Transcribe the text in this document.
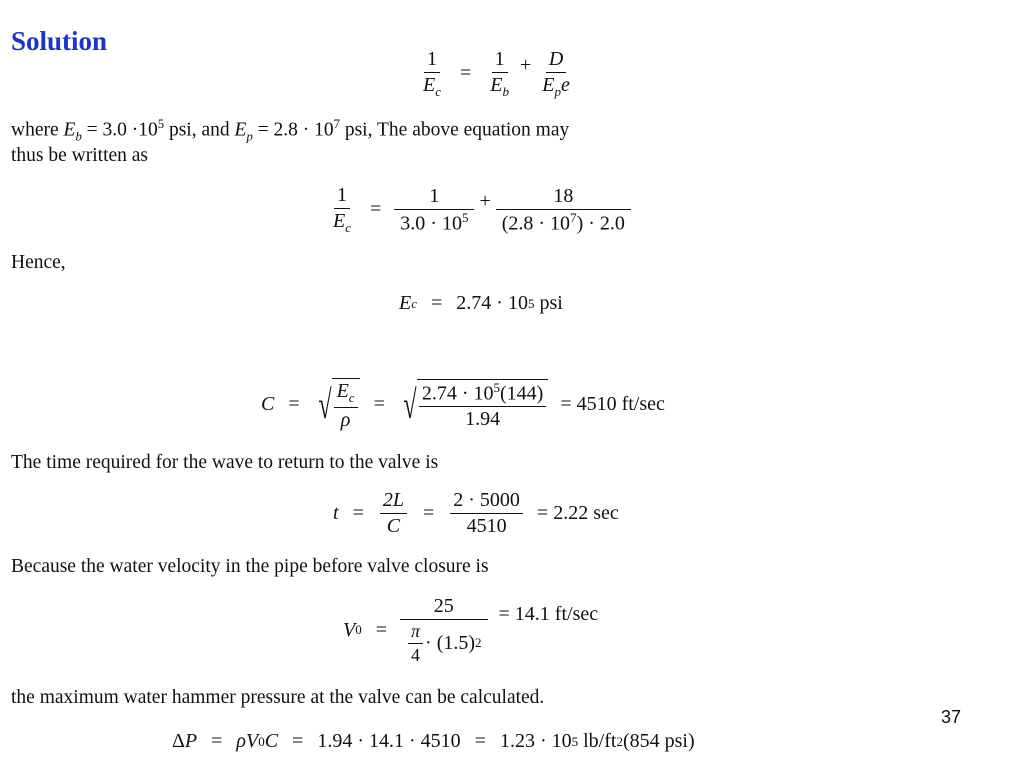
Solution
$\frac{1}{E_c} = \frac{1}{E_b} + \frac{D}{E_pe}$
where $E_b = 3.0 \cdot 10^5$ psi, and $E_p = 2.8 \cdot 10^7$ psi, The above equation may
thus be written as
$\frac{1}{E_c} = \frac{1}{3.0 \cdot 10^5} + \frac{18}{(2.8 \cdot 10^7) \cdot 2.0}$
Hence,
E c = 2.74 · 10 5
psi
C = √ $\frac{E_c}{\rho}$ = √ $\frac{2.74 \cdot 10^5(144)}{1.94} = 4510$ ft/sec
The time required for the wave to return to the valve is
$t = \frac{2L}{C} = \frac{2 \cdot 5000}{4510} = 2.22$ sec
Because the water velocity in the pipe before valve closure is
V $0 = \frac{25}{\frac{\pi}{4} \cdot (1.5) 2} = 14.1$ ft/sec
the maximum water hammer pressure at the valve can be calculated.
Δ P = ρ V 0 C = 1.94 · 14.1 · 4510 = 1.23 · 10 5
lb/ft 2 (854 psi)
37
